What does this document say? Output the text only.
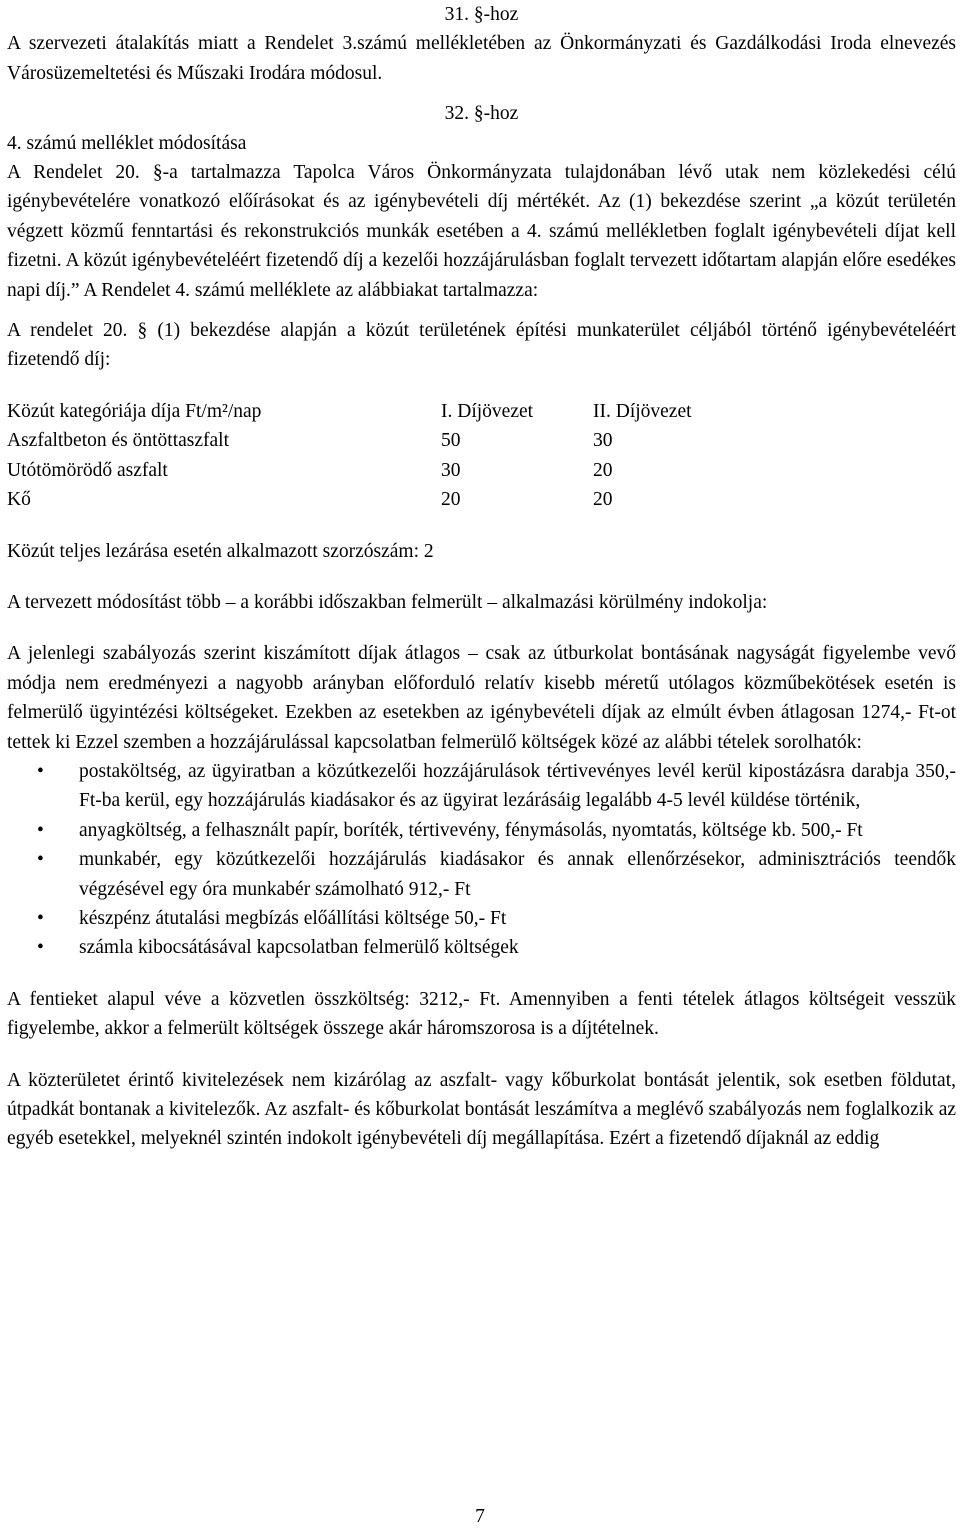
31. §-hoz

A szervezeti átalakítás miatt a Rendelet 3.számú mellékletében az Önkormányzati és Gazdálkodási Iroda elnevezés Városüzemeltetési és Műszaki Irodára módosul.

32. §-hoz

4. számú melléklet módosítása

A Rendelet 20. §-a tartalmazza Tapolca Város Önkormányzata tulajdonában lévő utak nem közlekedési célú igénybevételére vonatkozó előírásokat és az igénybevételi díj mértékét. Az (1) bekezdése szerint „a közút területén végzett közmű fenntartási és rekonstrukciós munkák esetében a 4. számú mellékletben foglalt igénybevételi díjat kell fizetni. A közút igénybevételéért fizetendő díj a kezelői hozzájárulásban foglalt tervezett időtartam alapján előre esedékes napi díj.” A Rendelet 4. számú melléklete az alábbiakat tartalmazza:

A rendelet 20. § (1) bekezdése alapján a közút területének építési munkaterület céljából történő igénybevételéért fizetendő díj:

Közút kategóriája díja Ft/m²/nap	I. Díjövezet	II. Díjövezet
Aszfaltbeton és öntöttaszfalt	50	30
Utótömörödő aszfalt	30	20
Kő	20	20

Közút teljes lezárása esetén alkalmazott szorzószám: 2

A tervezett módosítást több – a korábbi időszakban felmerült – alkalmazási körülmény indokolja:

A jelenlegi szabályozás szerint kiszámított díjak átlagos – csak az útburkolat bontásának nagyságát figyelembe vevő módja nem eredményezi a nagyobb arányban előforduló relatív kisebb méretű utólagos közműbekötések esetén is felmerülő ügyintézési költségeket. Ezekben az esetekben az igénybevételi díjak az elmúlt évben átlagosan 1274,- Ft-ot tettek ki Ezzel szemben a hozzájárulással kapcsolatban felmerülő költségek közé az alábbi tételek sorolhatók:

• postaköltség, az ügyiratban a közútkezelői hozzájárulások tértivevényes levél kerül kipostázásra darabja 350,- Ft-ba kerül, egy hozzájárulás kiadásakor és az ügyirat lezárásáig legalább 4-5 levél küldése történik,
• anyagköltség, a felhasznált papír, boríték, tértivevény, fénymásolás, nyomtatás, költsége kb. 500,- Ft
• munkabér, egy közútkezelői hozzájárulás kiadásakor és annak ellenőrzésekor, adminisztrációs teendők végzésével egy óra munkabér számolható 912,- Ft
• készpénz átutalási megbízás előállítási költsége 50,- Ft
• számla kibocsátásával kapcsolatban felmerülő költségek

A fentieket alapul véve a közvetlen összköltség: 3212,- Ft. Amennyiben a fenti tételek átlagos költségeit vesszük figyelembe, akkor a felmerült költségek összege akár háromszorosa is a díjtételnek.

A közterületet érintő kivitelezések nem kizárólag az aszfalt- vagy kőburkolat bontását jelentik, sok esetben földutat, útpadkát bontanak a kivitelezők. Az aszfalt- és kőburkolat bontását leszámítva a meglévő szabályozás nem foglalkozik az egyéb esetekkel, melyeknél szintén indokolt igénybevételi díj megállapítása. Ezért a fizetendő díjaknál az eddig

7
